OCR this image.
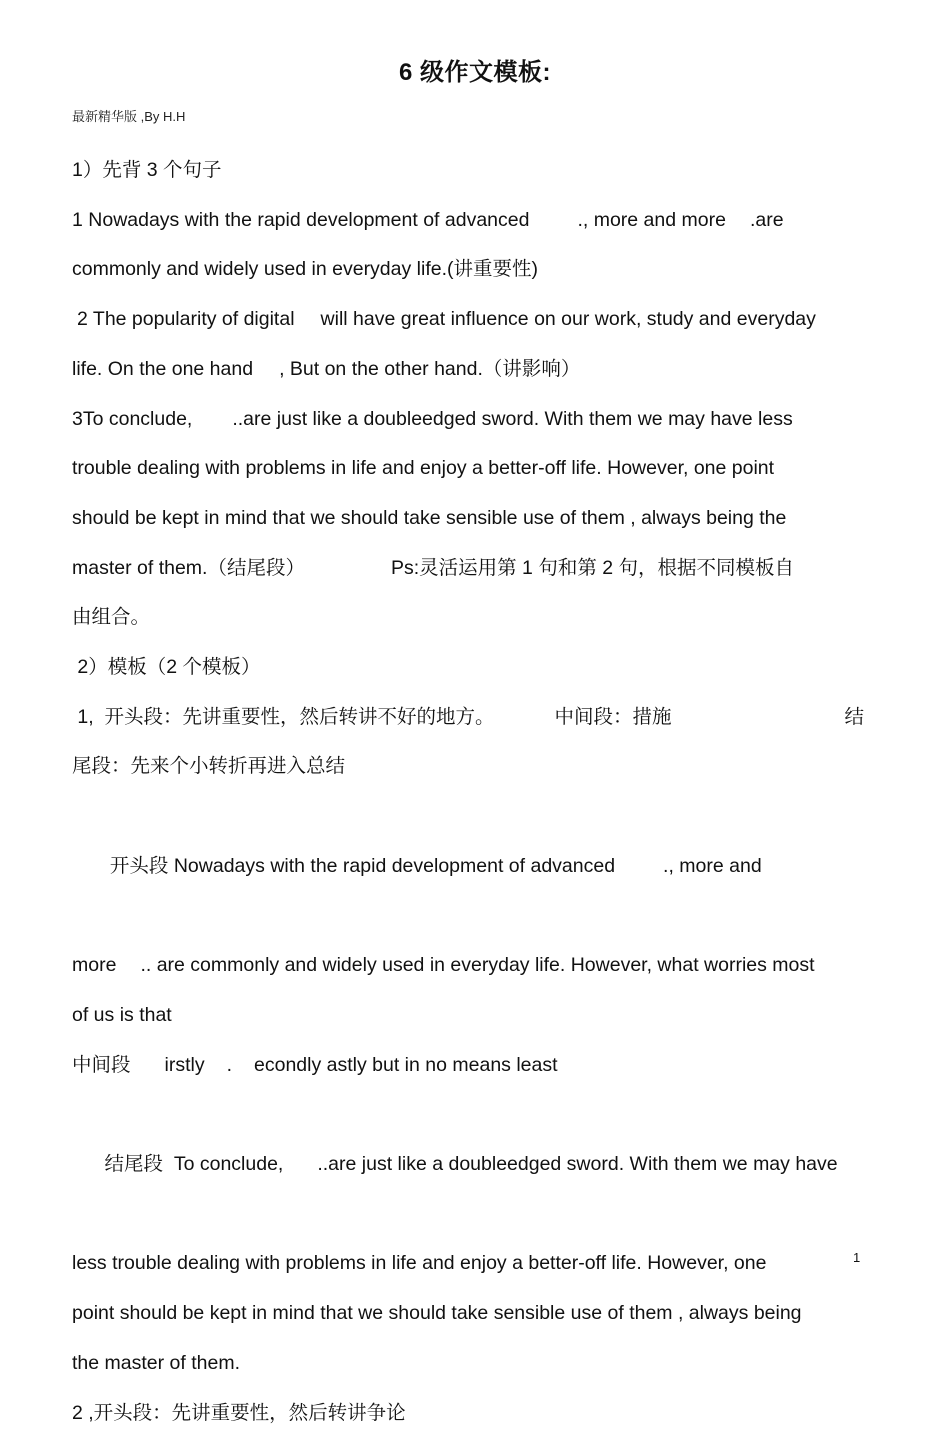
6 级作文模板:
最新精华版 ,By H.H

1）先背 3 个句子

1 Nowadays with the rapid development of advanced ., more and more .are

commonly and widely used in everyday life.(讲重要性)

2 The popularity of digital will have great influence on our work, study and everyday

life. On the one hand , But on the other hand.（讲影响）

3To conclude, ..are just like a doubleedged sword. With them we may have less

trouble dealing with problems in life and enjoy a better-off life. However, one point

should be kept in mind that we should take sensible use of them , always being the

master of them.（结尾段）	Ps:灵活运用第 1 句和第 2 句，根据不同模板自

由组合。

2）模板（2 个模板）

1,  开头段：先讲重要性，然后转讲不好的地方。	中间段：措施	结

尾段：先来个小转折再进入总结

开头段 Nowadays with the rapid development of advanced ., more and

more .. are commonly and widely used in everyday life. However, what worries most

of us is that

中间段 irstly . econdly astly but in no means least

结尾段  To conclude, ..are just like a doubleedged sword. With them we may have

less trouble dealing with problems in life and enjoy a better-off life. However, one

point should be kept in mind that we should take sensible use of them , always being

the master of them.

2 ,开头段：先讲重要性，然后转讲争论

1
